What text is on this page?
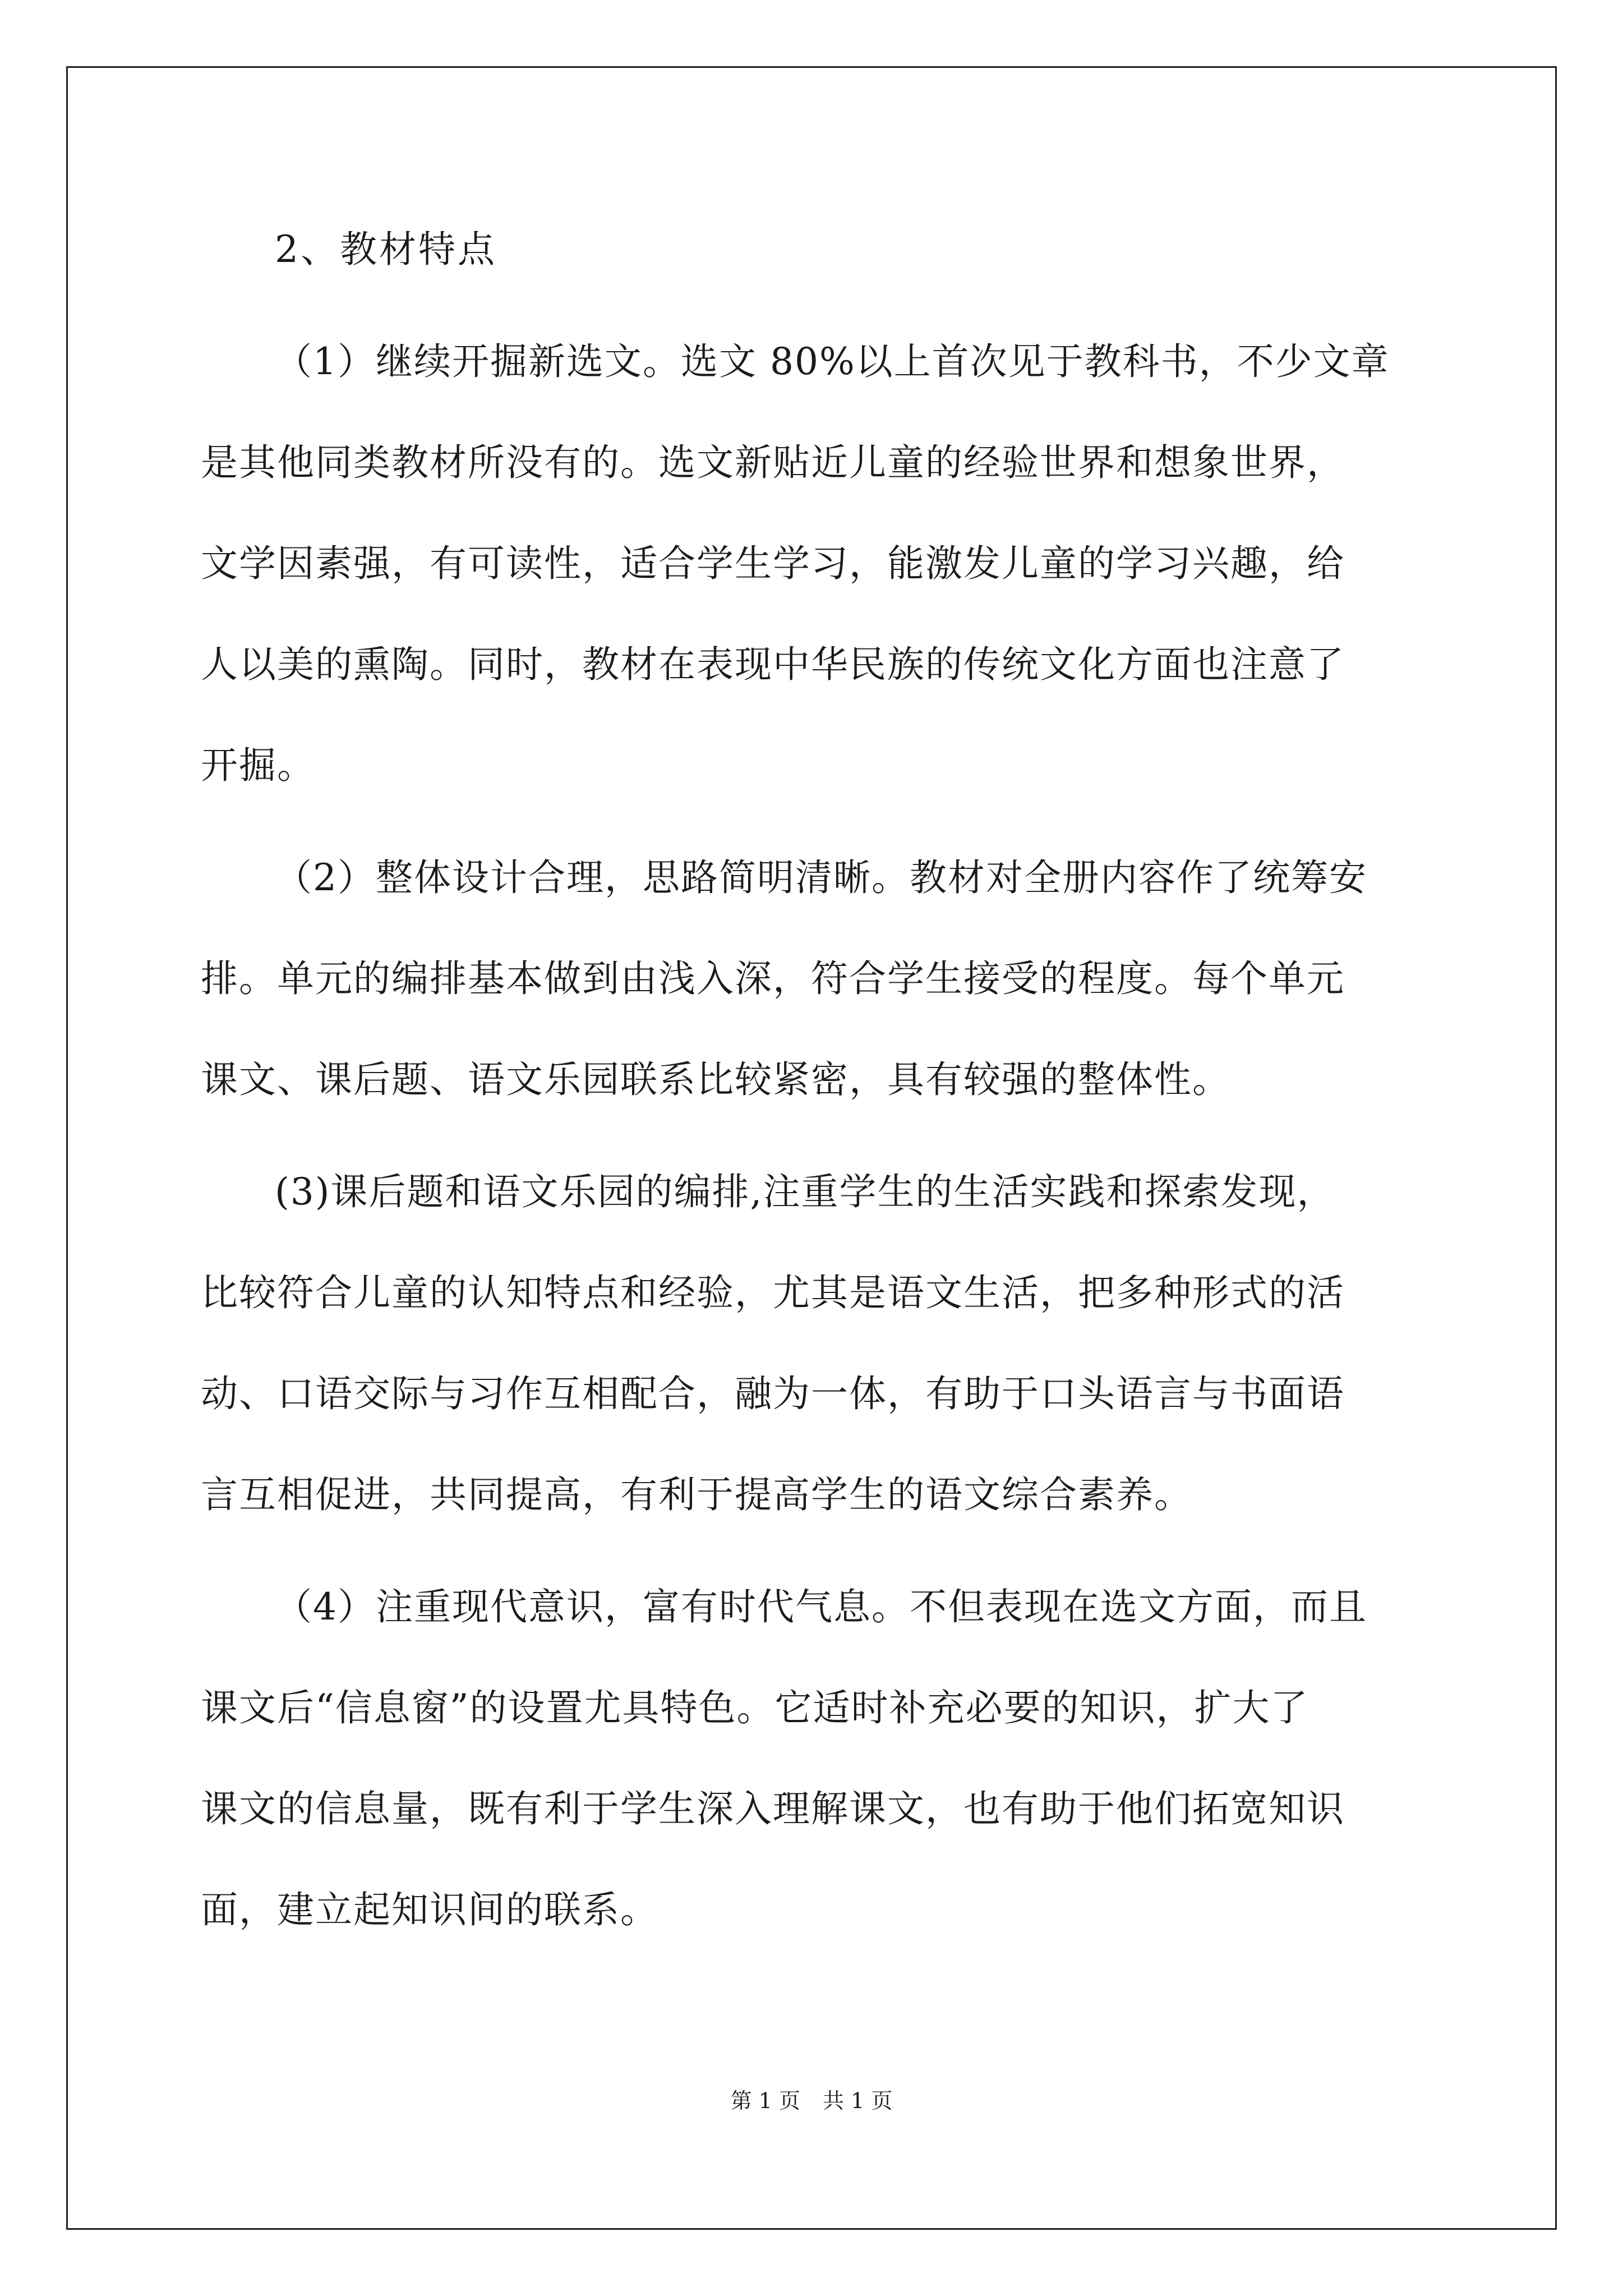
2、教材特点
（1）继续开掘新选文。选文 80%以上首次见于教科书，不少文章
是其他同类教材所没有的。选文新贴近儿童的经验世界和想象世界，
文学因素强，有可读性，适合学生学习，能激发儿童的学习兴趣，给
人以美的熏陶。同时，教材在表现中华民族的传统文化方面也注意了
开掘。
（2）整体设计合理，思路简明清晰。教材对全册内容作了统筹安
排。单元的编排基本做到由浅入深，符合学生接受的程度。每个单元
课文、课后题、语文乐园联系比较紧密，具有较强的整体性。
(3)课后题和语文乐园的编排,注重学生的生活实践和探索发现，
比较符合儿童的认知特点和经验，尤其是语文生活，把多种形式的活
动、口语交际与习作互相配合，融为一体，有助于口头语言与书面语
言互相促进，共同提高，有利于提高学生的语文综合素养。
（4）注重现代意识，富有时代气息。不但表现在选文方面，而且
课文后“信息窗”的设置尤具特色。它适时补充必要的知识，扩大了
课文的信息量，既有利于学生深入理解课文，也有助于他们拓宽知识
面，建立起知识间的联系。
第 1 页 共 1 页
